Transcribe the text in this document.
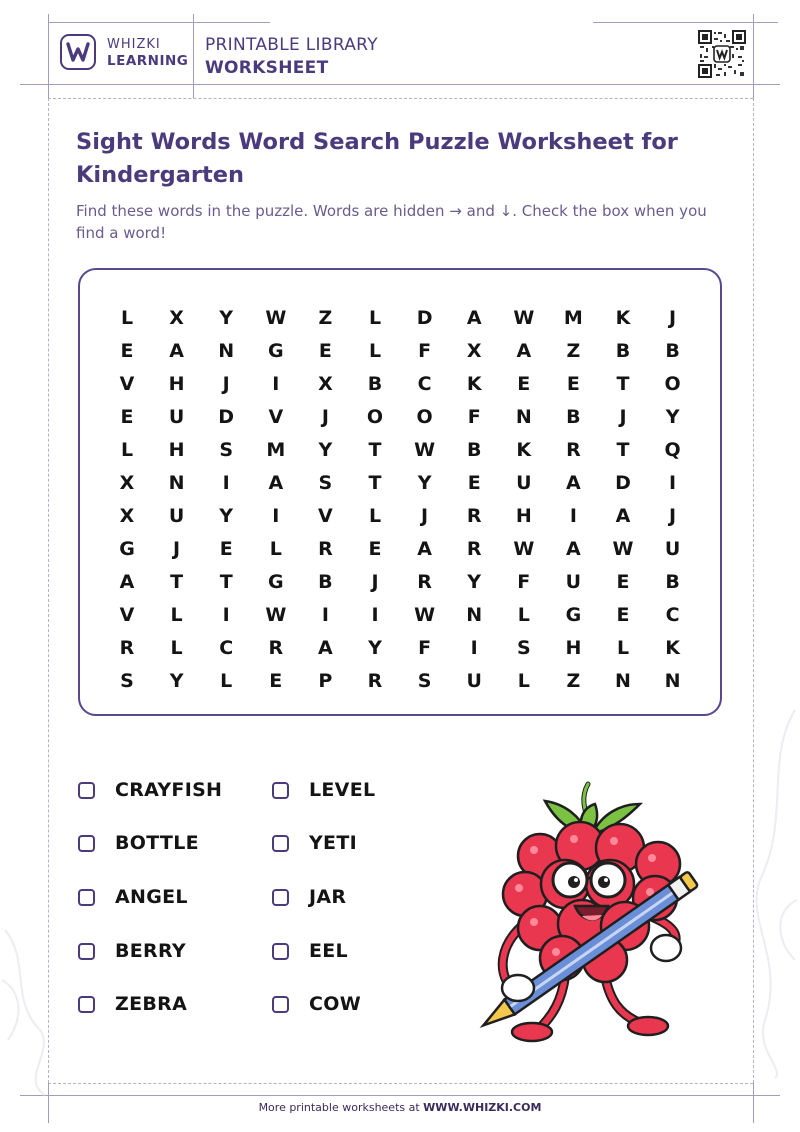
WHIZKI
LEARNING
PRINTABLE LIBRARY
WORKSHEET
Sight Words Word Search Puzzle Worksheet for Kindergarten

Find these words in the puzzle. Words are hidden → and ↓. Check the box when you find a word!

L	X	Y	W	Z	L	D	A	W	M	K	J
E	A	N	G	E	L	F	X	A	Z	B	B
V	H	J	I	X	B	C	K	E	E	T	O
E	U	D	V	J	O	O	F	N	B	J	Y
L	H	S	M	Y	T	W	B	K	R	T	Q
X	N	I	A	S	T	Y	E	U	A	D	I
X	U	Y	I	V	L	J	R	H	I	A	J
G	J	E	L	R	E	A	R	W	A	W	U
A	T	T	G	B	J	R	Y	F	U	E	B
V	L	I	W	I	I	W	N	L	G	E	C
R	L	C	R	A	Y	F	I	S	H	L	K
S	Y	L	E	P	R	S	U	L	Z	N	N
CRAYFISH
BOTTLE
ANGEL
BERRY
ZEBRA
LEVEL
YETI
JAR
EEL
COW
More printable worksheets at WWW.WHIZKI.COM
